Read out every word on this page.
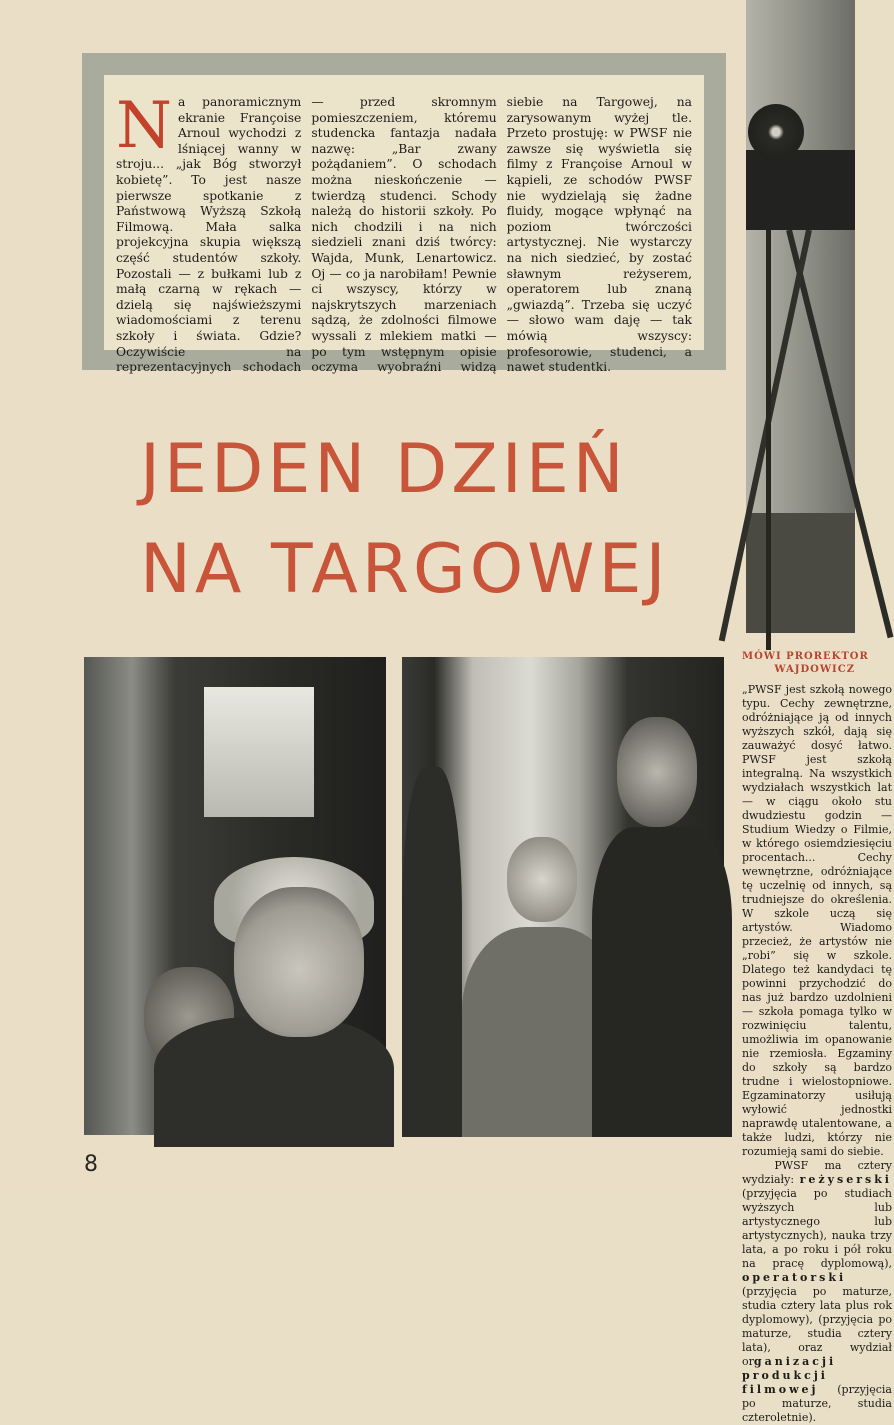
N a panoramicznym ekranie Françoise Arnoul wychodzi z lśniącej wanny w stroju... „jak Bóg stworzył kobietę”. To jest nasze pierwsze spotkanie z Państwową Wyższą Szkołą Filmową. Mała salka projekcyjna skupia większą część studentów szkoły. Pozostali — z bułkami lub z małą czarną w rękach — dzielą się najświeższymi wiadomościami z terenu szkoły i świata. Gdzie? Oczywiście na reprezentacyjnych schodach — przed skromnym pomieszczeniem, któremu studencka fantazja nadała nazwę: „Bar zwany pożądaniem”. O schodach można nieskończenie — twierdzą studenci. Schody należą do historii szkoły. Po nich chodzili i na nich siedzieli znani dziś twórcy: Wajda, Munk, Lenartowicz. Oj — co ja narobiłam! Pewnie ci wszyscy, którzy w najskrytszych marzeniach sądzą, że zdolności filmowe wyssali z mlekiem matki — po tym wstępnym opisie oczyma wyobraźni widzą siebie na Targowej, na zarysowanym wyżej tle. Przeto prostuję: w PWSF nie zawsze się wyświetla się filmy z Françoise Arnoul w kąpieli, ze schodów PWSF nie wydzielają się żadne fluidy, mogące wpłynąć na poziom twórczości artystycznej. Nie wystarczy na nich siedzieć, by zostać sławnym reżyserem, operatorem lub znaną „gwiazdą”. Trzeba się uczyć — słowo wam daję — tak mówią wszyscy: profesorowie, studenci, a nawet studentki.
JEDEN DZIEŃ
NA TARGOWEJ
MÓWI PROREKTOR
WAJDOWICZ
„PWSF jest szkołą nowego typu. Cechy zewnętrzne, odróżniające ją od innych wyższych szkół, dają się zauważyć dosyć łatwo. PWSF jest szkołą integralną. Na wszystkich wydziałach wszystkich lat — w ciągu około stu dwudziestu godzin — Studium Wiedzy o Filmie, w którego osiemdziesięciu procentach... Cechy wewnętrzne, odróżniające tę uczelnię od innych, są trudniejsze do określenia. W szkole uczą się artystów. Wiadomo przecież, że artystów nie „robi” się w szkole. Dlatego też kandydaci tę powinni przychodzić do nas już bardzo uzdolnieni — szkoła pomaga tylko w rozwinięciu talentu, umożliwia im opanowanie nie rzemiosła. Egzaminy do szkoły są bardzo trudne i wielostopniowe. Egzaminatorzy usiłują wyłowić jednostki naprawdę utalentowane, a także ludzi, którzy nie rozumieją sami do siebie.
PWSF ma cztery wydziały: reżyserski (przyjęcia po studiach wyższych lub artystycznego lub artystycznych), nauka trzy lata, a po roku i pół roku na pracę dyplomową), operatorski (przyjęcia po maturze, studia cztery lata plus rok dyplomowy), (przyjęcia po maturze, studia cztery lata), oraz wydział organizacji produkcji filmowej (przyjęcia po maturze, studia czteroletnie).
8
